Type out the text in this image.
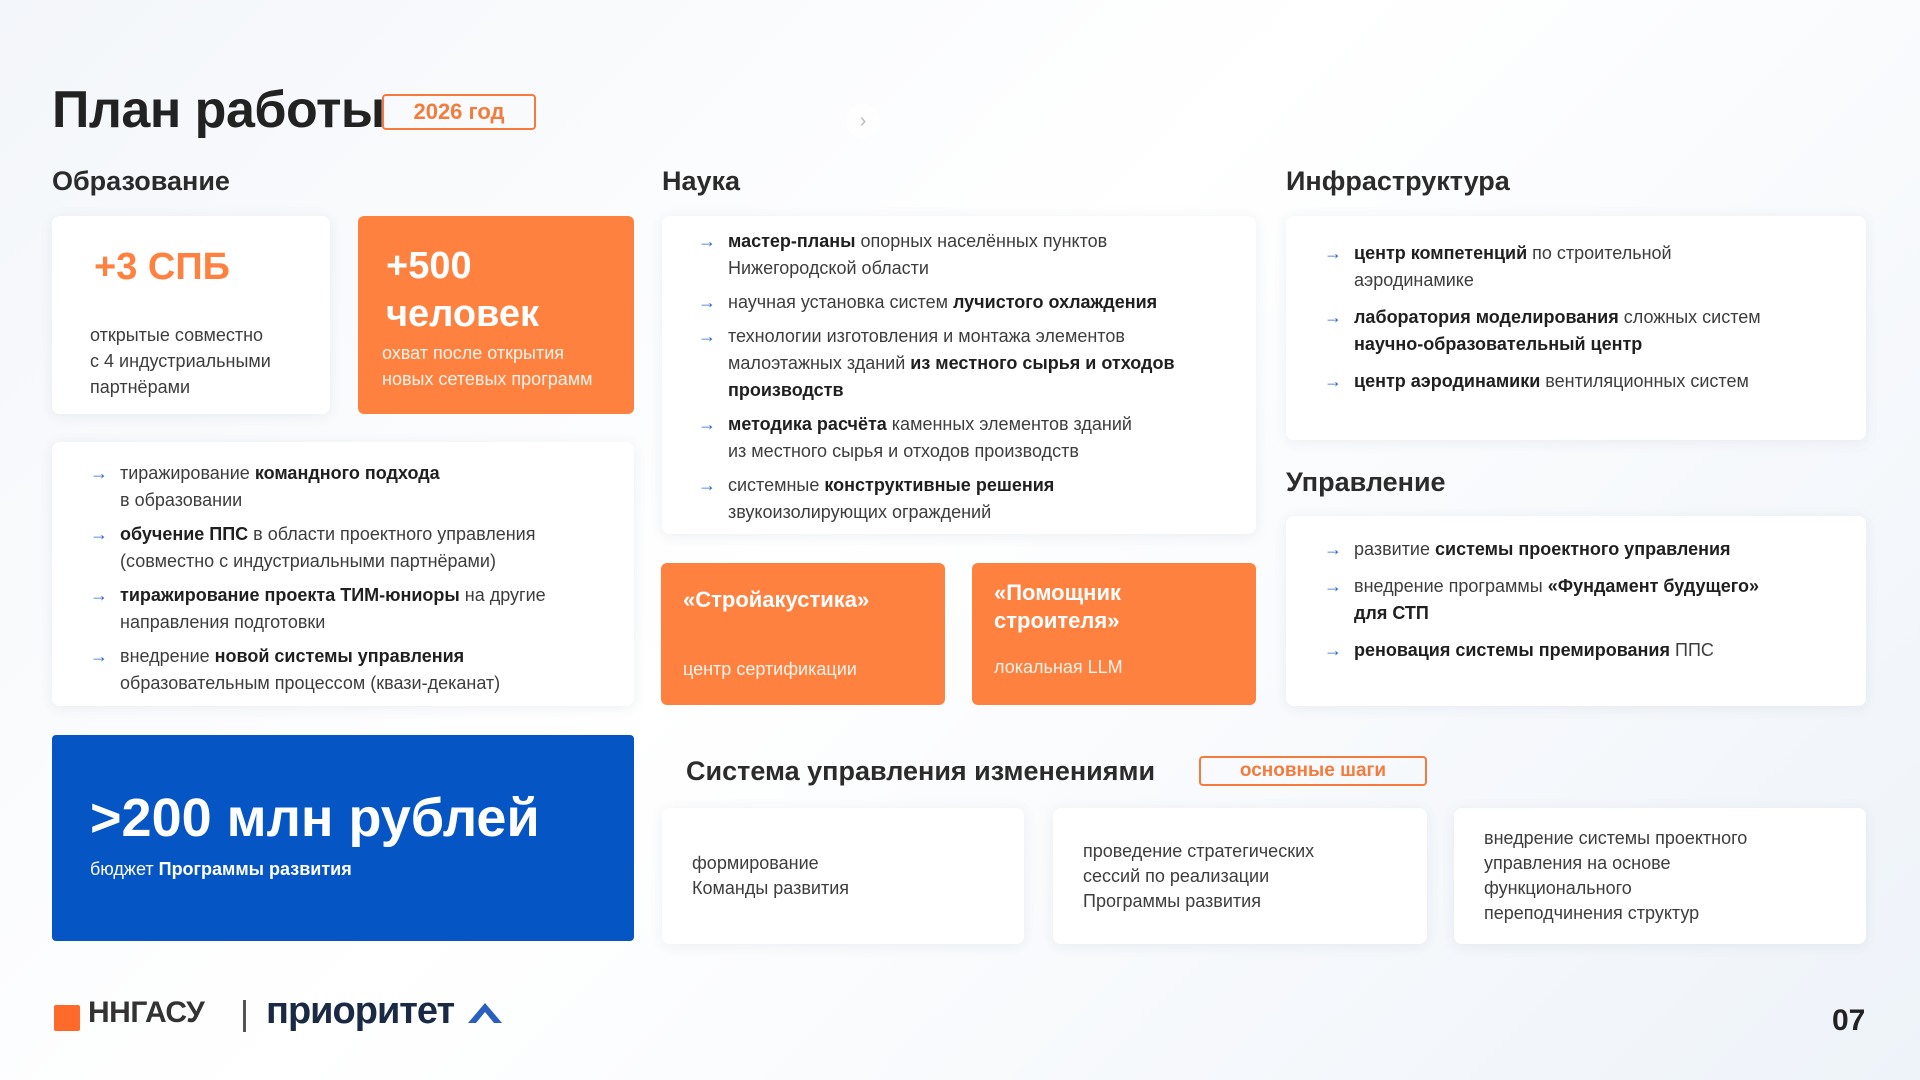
План работы	2026 год	›
Образование
+3 СПБ
открытые совместно
с 4 индустриальными
партнёрами
+500
человек
охват после открытия
новых сетевых программ
→ тиражирование командного подхода
в образовании
→ обучение ППС в области проектного управления
(совместно с индустриальными партнёрами)
→ тиражирование проекта ТИМ-юниоры на другие
направления подготовки
→ внедрение новой системы управления
образовательным процессом (квази-деканат)
>200 млн рублей
бюджет Программы развития
Наука
→ мастер-планы опорных населённых пунктов
Нижегородской области
→ научная установка систем лучистого охлаждения
→ технологии изготовления и монтажа элементов
малоэтажных зданий из местного сырья и отходов
производств
→ методика расчёта каменных элементов зданий
из местного сырья и отходов производств
→ системные конструктивные решения
звукоизолирующих ограждений
«Стройакустика»
центр сертификации
«Помощник
строителя»
локальная LLM
Инфраструктура
→ центр компетенций по строительной
аэродинамике
→ лаборатория моделирования сложных систем
научно-образовательный центр
→ центр аэродинамики вентиляционных систем
Управление
→ развитие системы проектного управления
→ внедрение программы «Фундамент будущего»
для СТП
→ реновация системы премирования ППС
Система управления изменениями	основные шаги
формирование
Команды развития
проведение стратегических
сессий по реализации
Программы развития
внедрение системы проектного
управления на основе
функционального
переподчинения структур
ННГАСУ приоритет	07
